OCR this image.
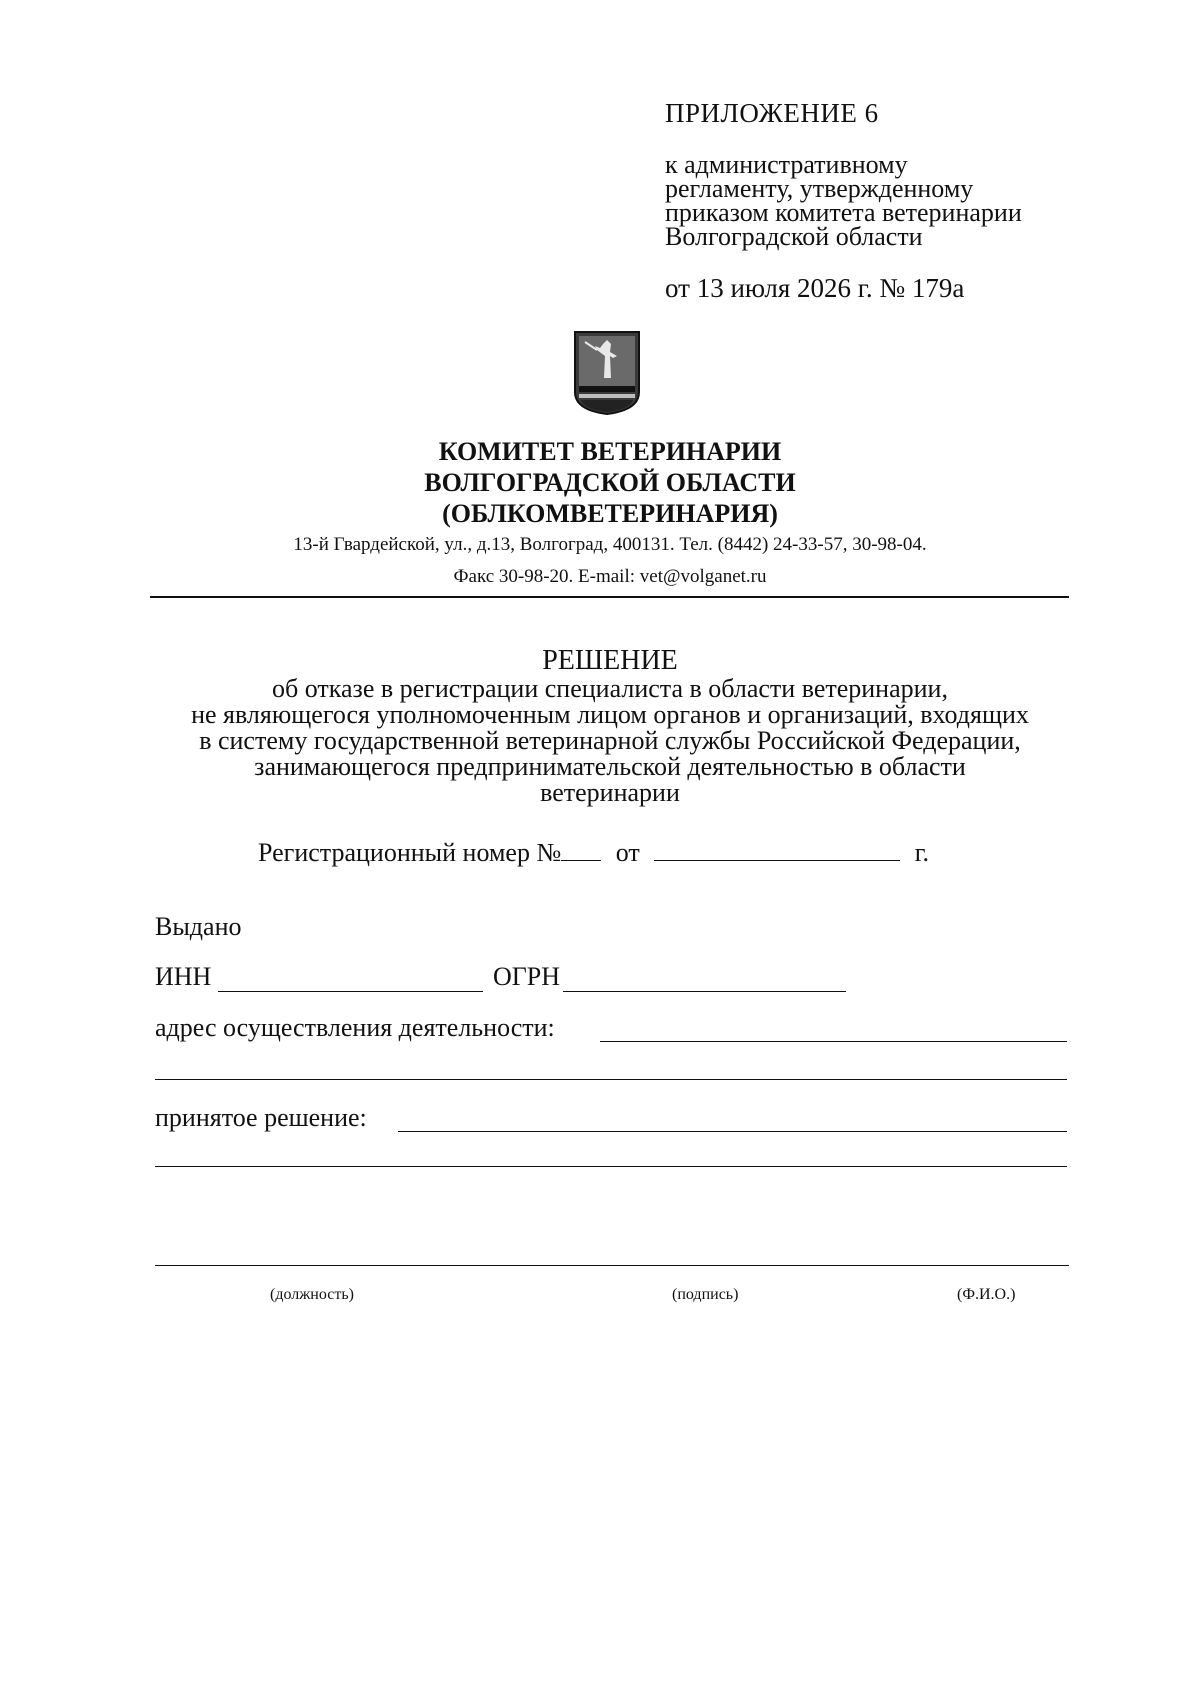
ПРИЛОЖЕНИЕ 6
к административному
регламенту, утвержденному
приказом комитета ветеринарии
Волгоградской области
от 13 июля 2026 г. № 179а
КОМИТЕТ ВЕТЕРИНАРИИ
ВОЛГОГРАДСКОЙ ОБЛАСТИ
(ОБЛКОМВЕТЕРИНАРИЯ)
13-й Гвардейской, ул., д.13, Волгоград, 400131. Тел. (8442) 24-33-57, 30-98-04.
Факс 30-98-20. E-mail: vet@volganet.ru
РЕШЕНИЕ
об отказе в регистрации специалиста в области ветеринарии,
не являющегося уполномоченным лицом органов и организаций, входящих
в систему государственной ветеринарной службы Российской Федерации,
занимающегося предпринимательской деятельностью в области
ветеринарии
Регистрационный номер № от	г.
Выдано
ИНН	ОГРН
адрес осуществления деятельности:
принятое решение:
(должность)	(подпись)	(Ф.И.О.)
